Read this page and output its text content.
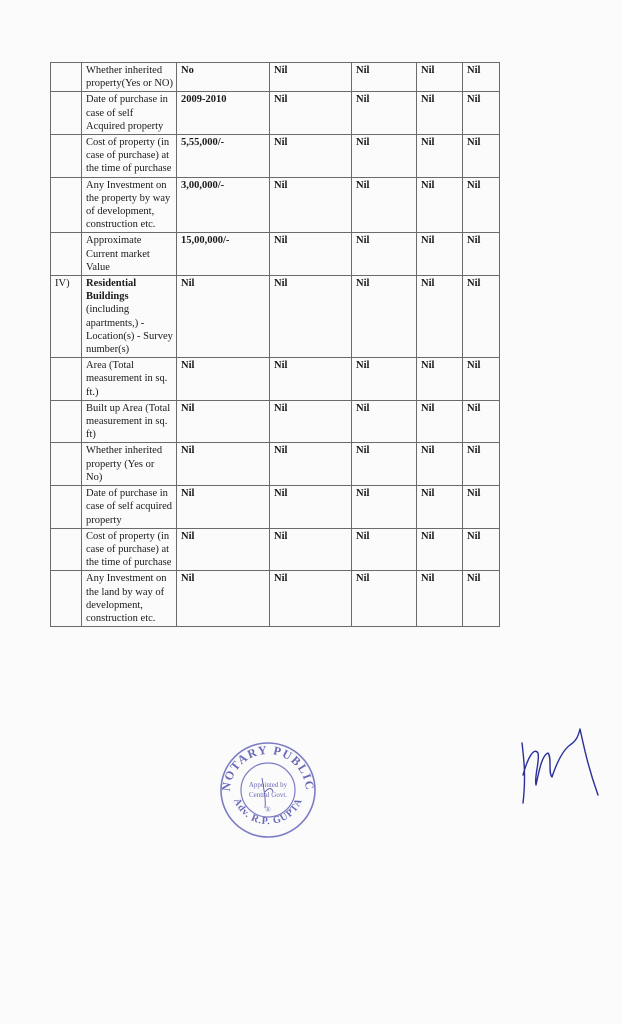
	Whether inherited property(Yes or NO)	No	Nil	Nil	Nil	Nil
	Date of purchase in case of self Acquired property	2009-2010	Nil	Nil	Nil	Nil
	Cost of property (in case of purchase) at the time of purchase	5,55,000/-	Nil	Nil	Nil	Nil
	Any Investment on the property by way of development, construction etc.	3,00,000/-	Nil	Nil	Nil	Nil
	Approximate Current market Value	15,00,000/-	Nil	Nil	Nil	Nil
IV)	Residential Buildings (including apartments,) -Location(s) - Survey number(s)	Nil	Nil	Nil	Nil	Nil
	Area (Total measurement in sq. ft.)	Nil	Nil	Nil	Nil	Nil
	Built up Area (Total measurement in sq. ft)	Nil	Nil	Nil	Nil	Nil
	Whether inherited property (Yes or No)	Nil	Nil	Nil	Nil	Nil
	Date of purchase in case of self acquired property	Nil	Nil	Nil	Nil	Nil
	Cost of property (in case of purchase) at the time of purchase	Nil	Nil	Nil	Nil	Nil
	Any Investment on the land by way of development, construction etc.	Nil	Nil	Nil	Nil	Nil
NOTARY PUBLIC
Adv. R.P. GUPTA
Appointed by
Central Govt.
®
